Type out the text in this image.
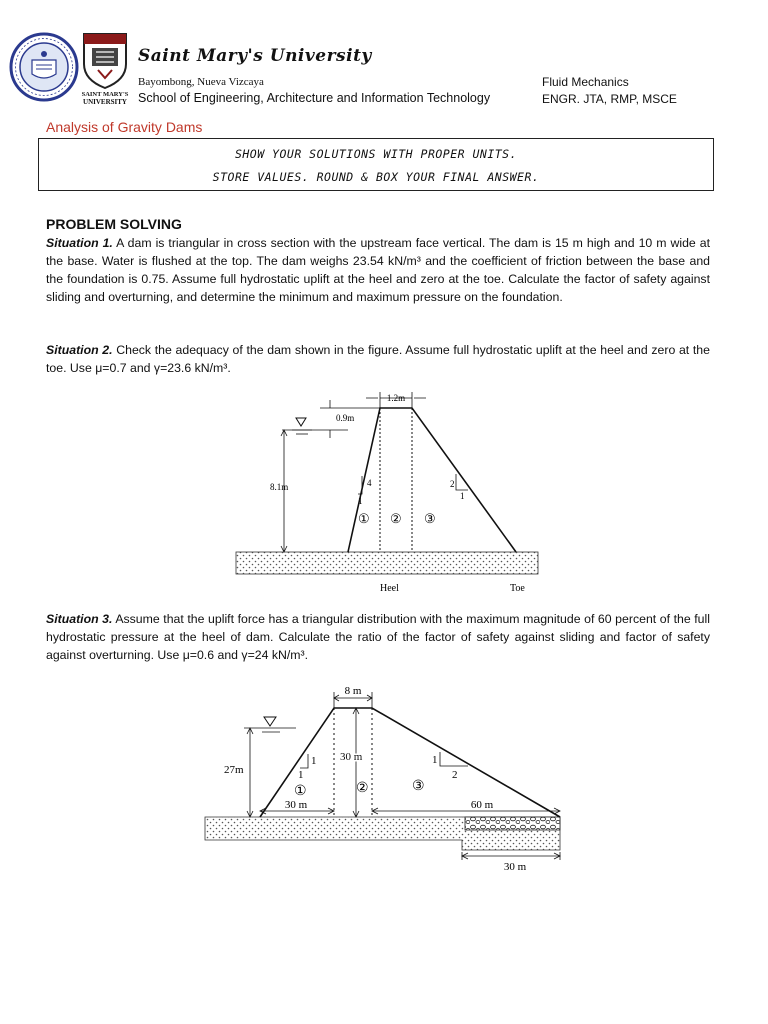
SAINT MARY'S
UNIVERSITY
Saint Mary's University
Bayombong, Nueva Vizcaya
School of Engineering, Architecture and Information Technology
Fluid Mechanics
ENGR. JTA, RMP, MSCE
Analysis of Gravity Dams
SHOW YOUR SOLUTIONS WITH PROPER UNITS.
STORE VALUES. ROUND & BOX YOUR FINAL ANSWER.
PROBLEM SOLVING
Situation 1. A dam is triangular in cross section with the upstream face vertical. The dam is 15 m high and 10 m wide at the base. Water is flushed at the top. The dam weighs 23.54 kN/m³ and the coefficient of friction between the base and the foundation is 0.75. Assume full hydrostatic uplift at the heel and zero at the toe. Calculate the factor of safety against sliding and overturning, and determine the minimum and maximum pressure on the foundation.
Situation 2. Check the adequacy of the dam shown in the figure. Assume full hydrostatic uplift at the heel and zero at the toe. Use μ=0.7 and γ=23.6 kN/m³.
1.2m
0.9m
8.1m	4
1
2
1
① ② ③
Heel	Toe
Situation 3. Assume that the uplift force has a triangular distribution with the maximum magnitude of 60 percent of the full hydrostatic pressure at the heel of dam. Calculate the ratio of the factor of safety against sliding and factor of safety against overturning. Use μ=0.6 and γ=24 kN/m³.
8 m
27m
30 m
1
1
1
2
①	②	③
30 m	60 m
30 m
